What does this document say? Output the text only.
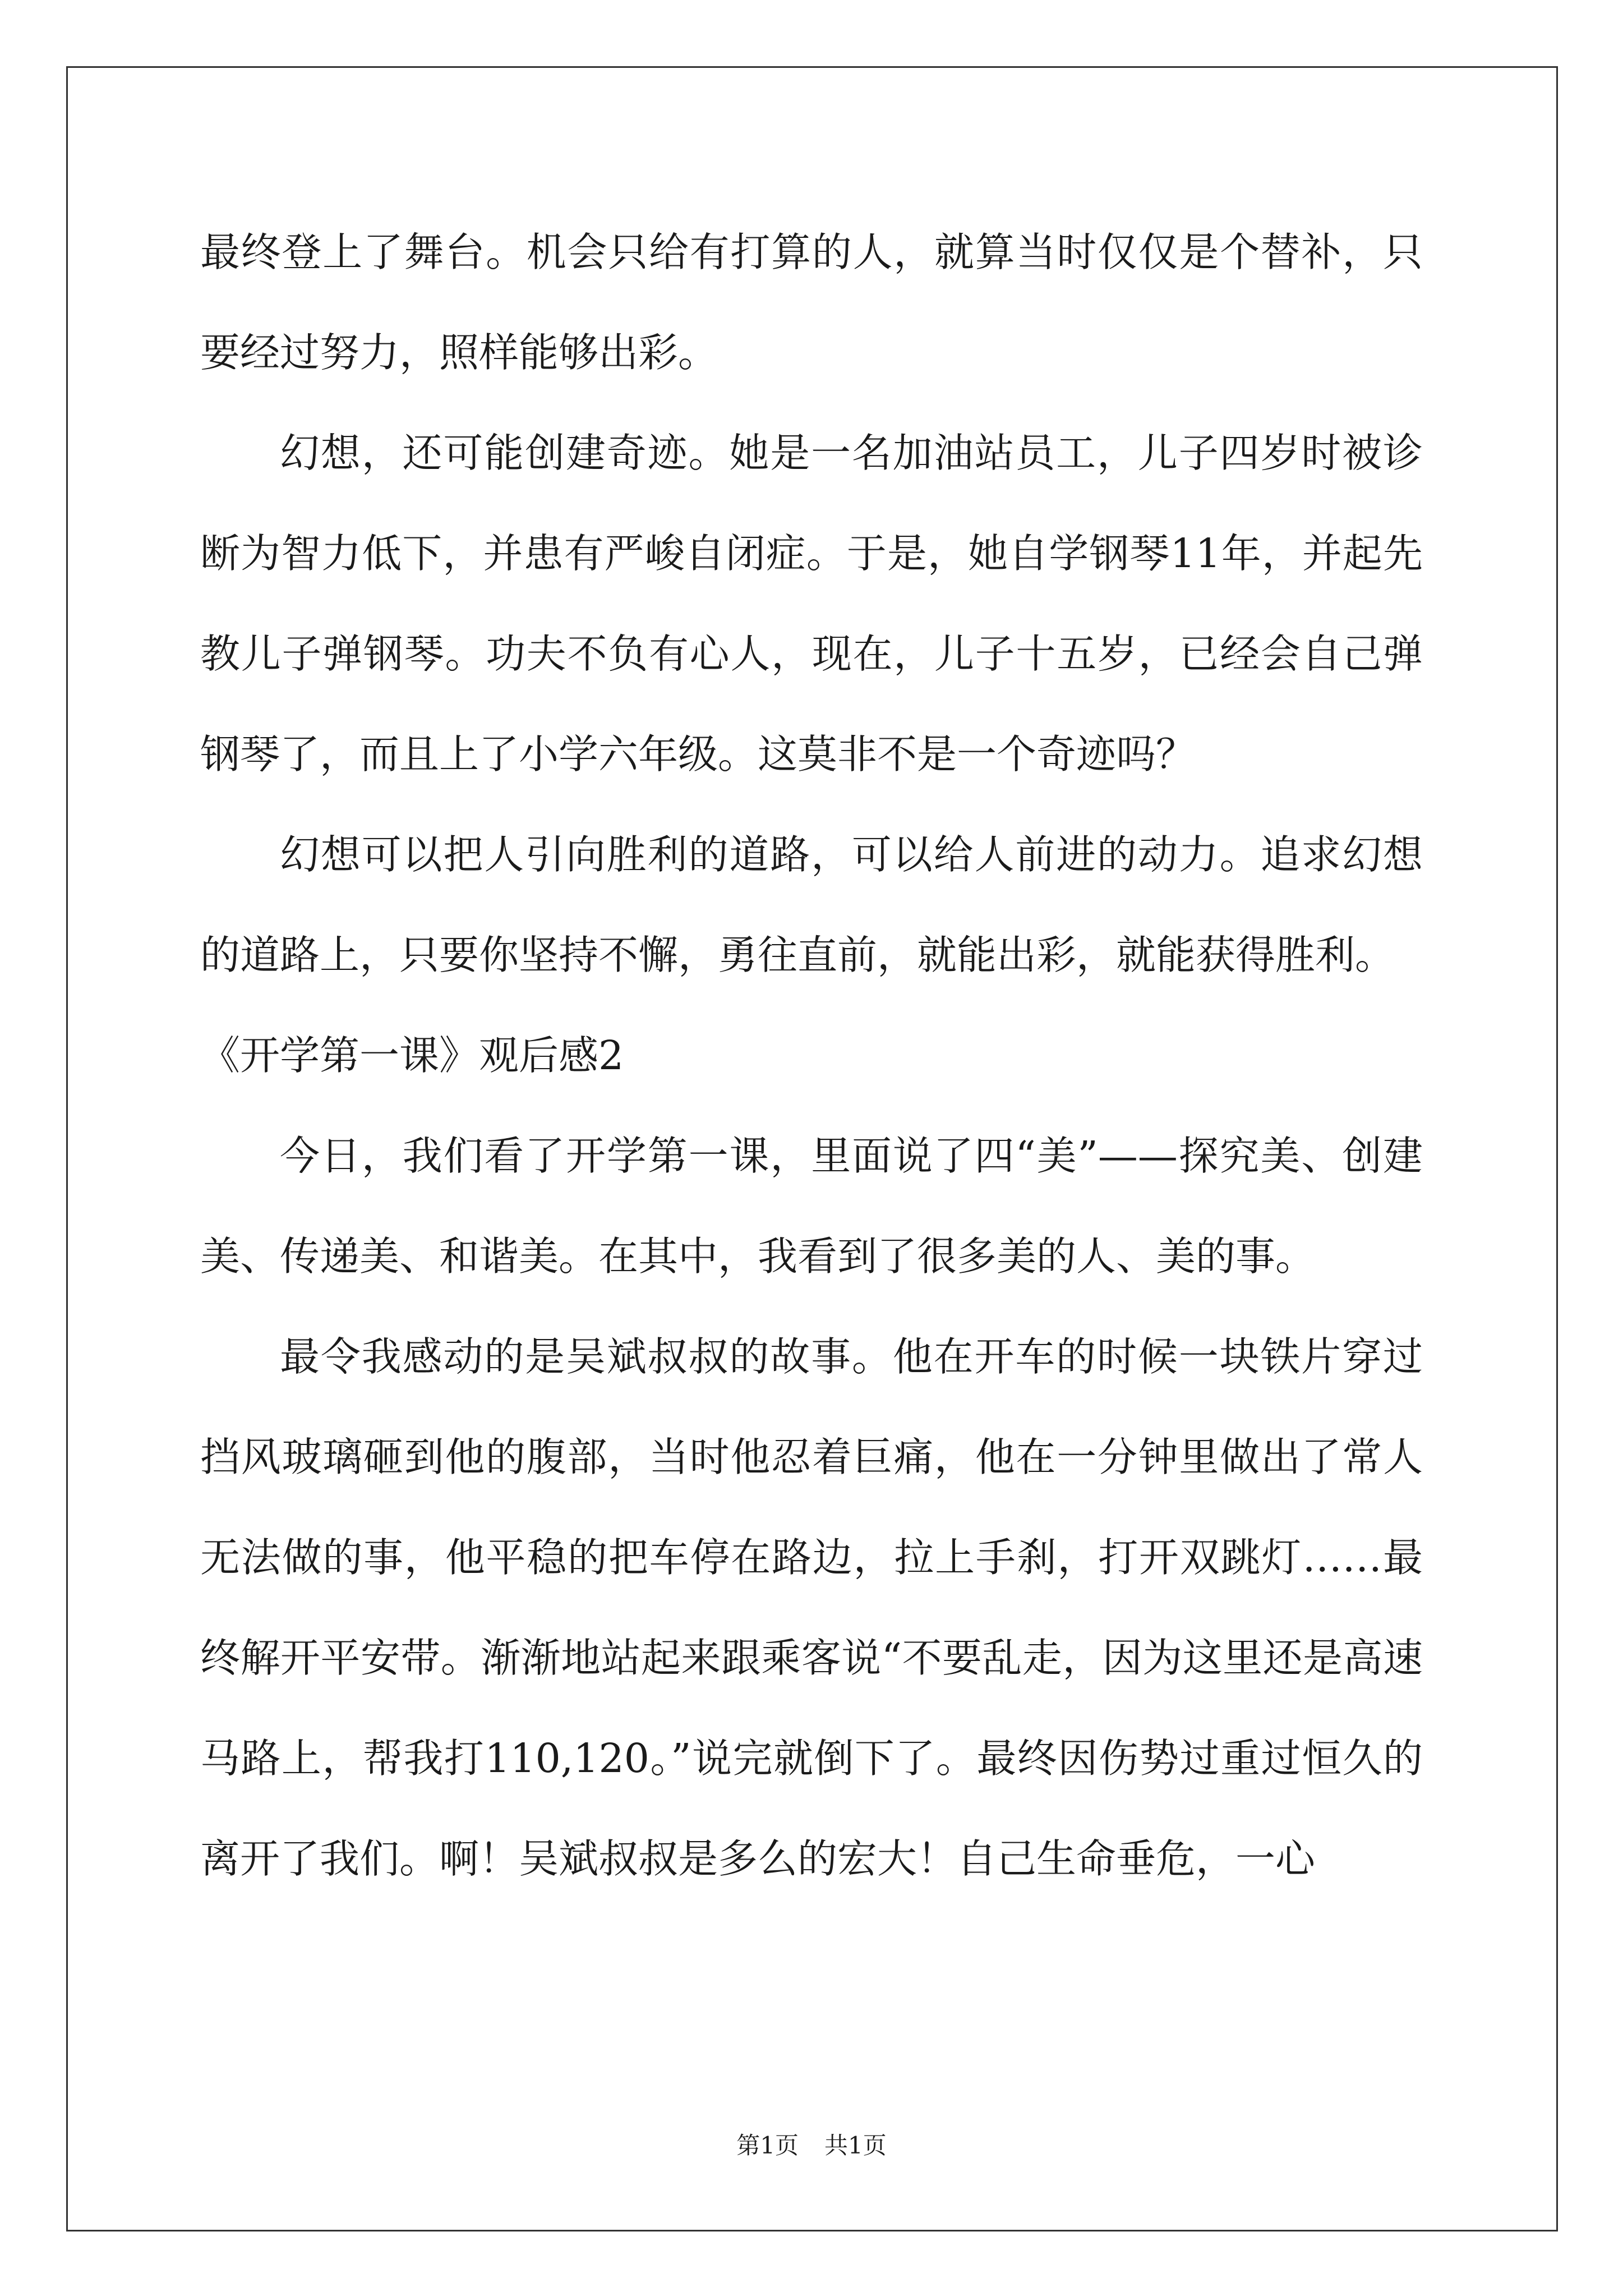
最终登上了舞台。机会只给有打算的人，就算当时仅仅是个替补，只要经过努力，照样能够出彩。

幻想，还可能创建奇迹。她是一名加油站员工，儿子四岁时被诊断为智力低下，并患有严峻自闭症。于是，她自学钢琴11年，并起先教儿子弹钢琴。功夫不负有心人，现在，儿子十五岁，已经会自己弹钢琴了，而且上了小学六年级。这莫非不是一个奇迹吗？

幻想可以把人引向胜利的道路，可以给人前进的动力。追求幻想的道路上，只要你坚持不懈，勇往直前，就能出彩，就能获得胜利。

《开学第一课》观后感2

今日，我们看了开学第一课，里面说了四“美”——探究美、创建美、传递美、和谐美。在其中，我看到了很多美的人、美的事。

最令我感动的是吴斌叔叔的故事。他在开车的时候一块铁片穿过挡风玻璃砸到他的腹部，当时他忍着巨痛，他在一分钟里做出了常人无法做的事，他平稳的把车停在路边，拉上手刹，打开双跳灯……最终解开平安带。渐渐地站起来跟乘客说“不要乱走，因为这里还是高速马路上，帮我打110,120。”说完就倒下了。最终因伤势过重过恒久的离开了我们。啊！吴斌叔叔是多么的宏大！自己生命垂危，一心

第1页 共1页
